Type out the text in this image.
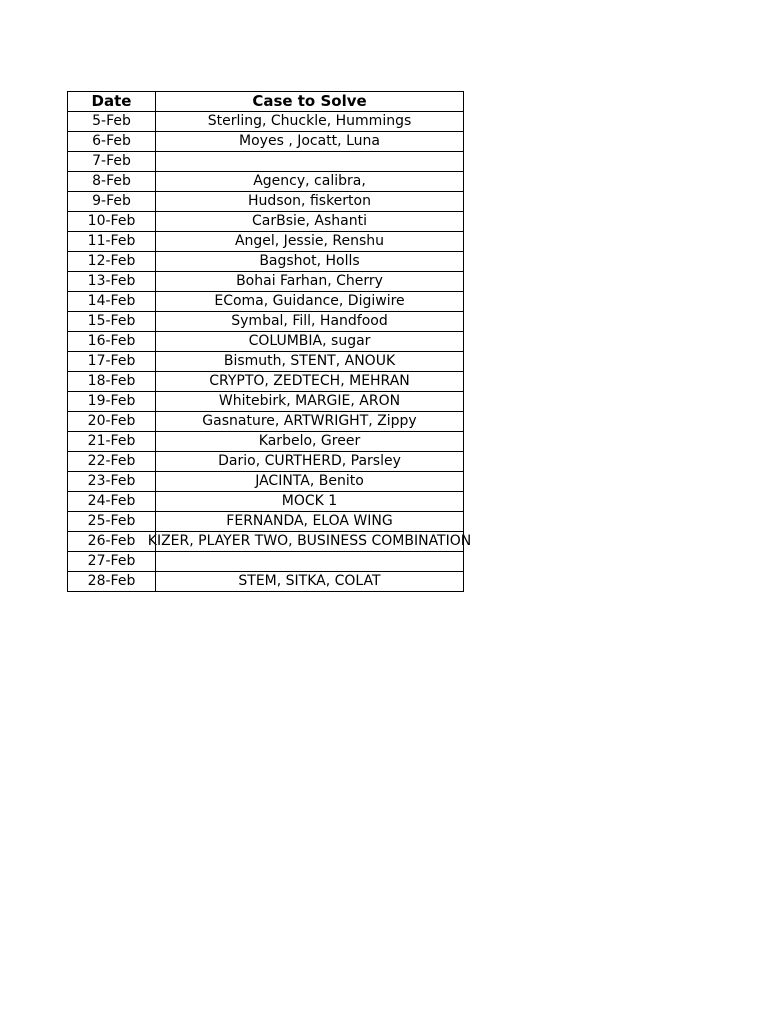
Date	Case to Solve
5-Feb	Sterling, Chuckle, Hummings

6-Feb	Moyes , Jocatt, Luna

7-Feb	

8-Feb	Agency, calibra,

9-Feb	Hudson, fiskerton

10-Feb	CarBsie, Ashanti

11-Feb	Angel, Jessie, Renshu

12-Feb	Bagshot, Holls

13-Feb	Bohai Farhan, Cherry

14-Feb	EComa, Guidance, Digiwire

15-Feb	Symbal, Fill, Handfood

16-Feb	COLUMBIA, sugar

17-Feb	Bismuth, STENT, ANOUK

18-Feb	CRYPTO, ZEDTECH, MEHRAN

19-Feb	Whitebirk, MARGIE, ARON

20-Feb	Gasnature, ARTWRIGHT, Zippy

21-Feb	Karbelo, Greer

22-Feb	Dario, CURTHERD, Parsley

23-Feb	JACINTA, Benito

24-Feb	MOCK 1

25-Feb	FERNANDA, ELOA WING

26-Feb	KIZER, PLAYER TWO, BUSINESS COMBINATION

27-Feb	

28-Feb	STEM, SITKA, COLAT
